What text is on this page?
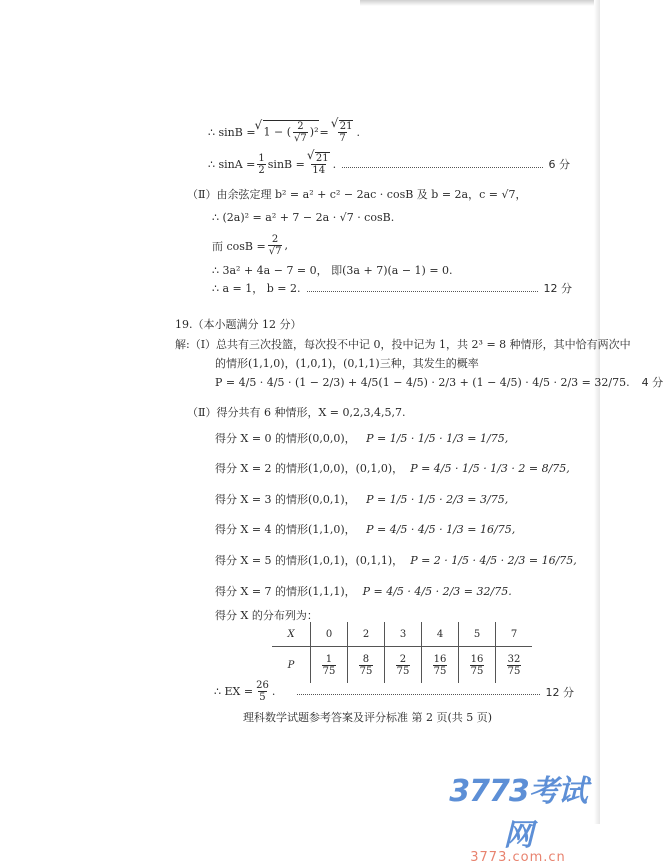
∴ sinB = √ 1 − ( $\frac{2}{√7} )^2$ = √ $\frac{21}{7}$ .
∴ $\sin A = \frac{1}{2}$ sinB = √ $\frac{21}{14}$ .	6 分
（Ⅱ）由余弦定理 b² = a² + c² − 2ac · cosB 及 b = 2a，c = √7，
∴ (2a)² = a² + 7 − 2a · √7 · cosB.
而 $\cos B = \frac{2}{√7}$ ,
∴ 3a² + 4a − 7 = 0， 即(3a + 7)(a − 1) = 0.
∴ a = 1， b = 2.	12 分
19.（本小题满分 12 分）
解:（Ⅰ）总共有三次投篮，每次投不中记 0，投中记为 1，共 2³ = 8 种情形，其中恰有两次中
的情形(1,1,0)，(1,0,1)，(0,1,1)三种，其发生的概率
P = 4/5 · 4/5 · (1 − 2/3) + 4/5(1 − 4/5) · 2/3 + (1 − 4/5) · 4/5 · 2/3 = 32/75. 4 分
（Ⅱ）得分共有 6 种情形，X = 0,2,3,4,5,7.
得分 X = 0 的情形(0,0,0)，
P = 1/5 · 1/5 · 1/3 = 1/75,
得分 X = 2 的情形(1,0,0)，(0,1,0)，
P = 4/5 · 1/5 · 1/3 · 2 = 8/75,
得分 X = 3 的情形(0,0,1)，
P = 1/5 · 1/5 · 2/3 = 3/75,
得分 X = 4 的情形(1,1,0)，
P = 4/5 · 4/5 · 1/3 = 16/75,
得分 X = 5 的情形(1,0,1)，(0,1,1)，
P = 2 · 1/5 · 4/5 · 2/3 = 16/75,
得分 X = 7 的情形(1,1,1)，
P = 4/5 · 4/5 · 2/3 = 32/75.
得分 X 的分布列为：
X	0	2	3	4	5	7
P	$\frac{1}{75}$	$\frac{8}{75}$	$\frac{2}{75}$	$\frac{16}{75}$	$\frac{16}{75}$	$\frac{32}{75}$
∴ EX = $\frac{26}{5}$ .	12 分
理科数学试题参考答案及评分标准 第 2 页(共 5 页)
3773考试网
3773.com.cn
